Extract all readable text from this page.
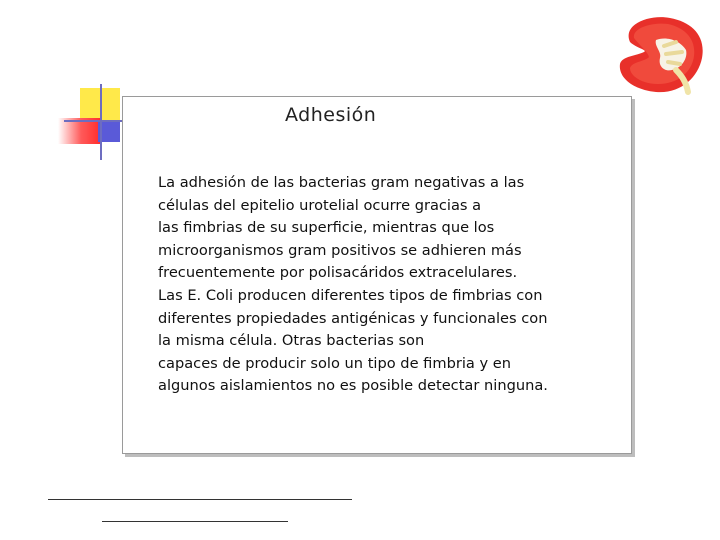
Adhesión
La adhesión de las bacterias gram negativas a las
células del epitelio urotelial ocurre gracias a
las fimbrias de su superficie, mientras que los
microorganismos gram positivos se adhieren más
frecuentemente por polisacáridos extracelulares.
Las E. Coli producen diferentes tipos de fimbrias con
diferentes propiedades antigénicas y funcionales con
la misma célula. Otras bacterias son
capaces de producir solo un tipo de fimbria y en
algunos aislamientos no es posible detectar ninguna.
